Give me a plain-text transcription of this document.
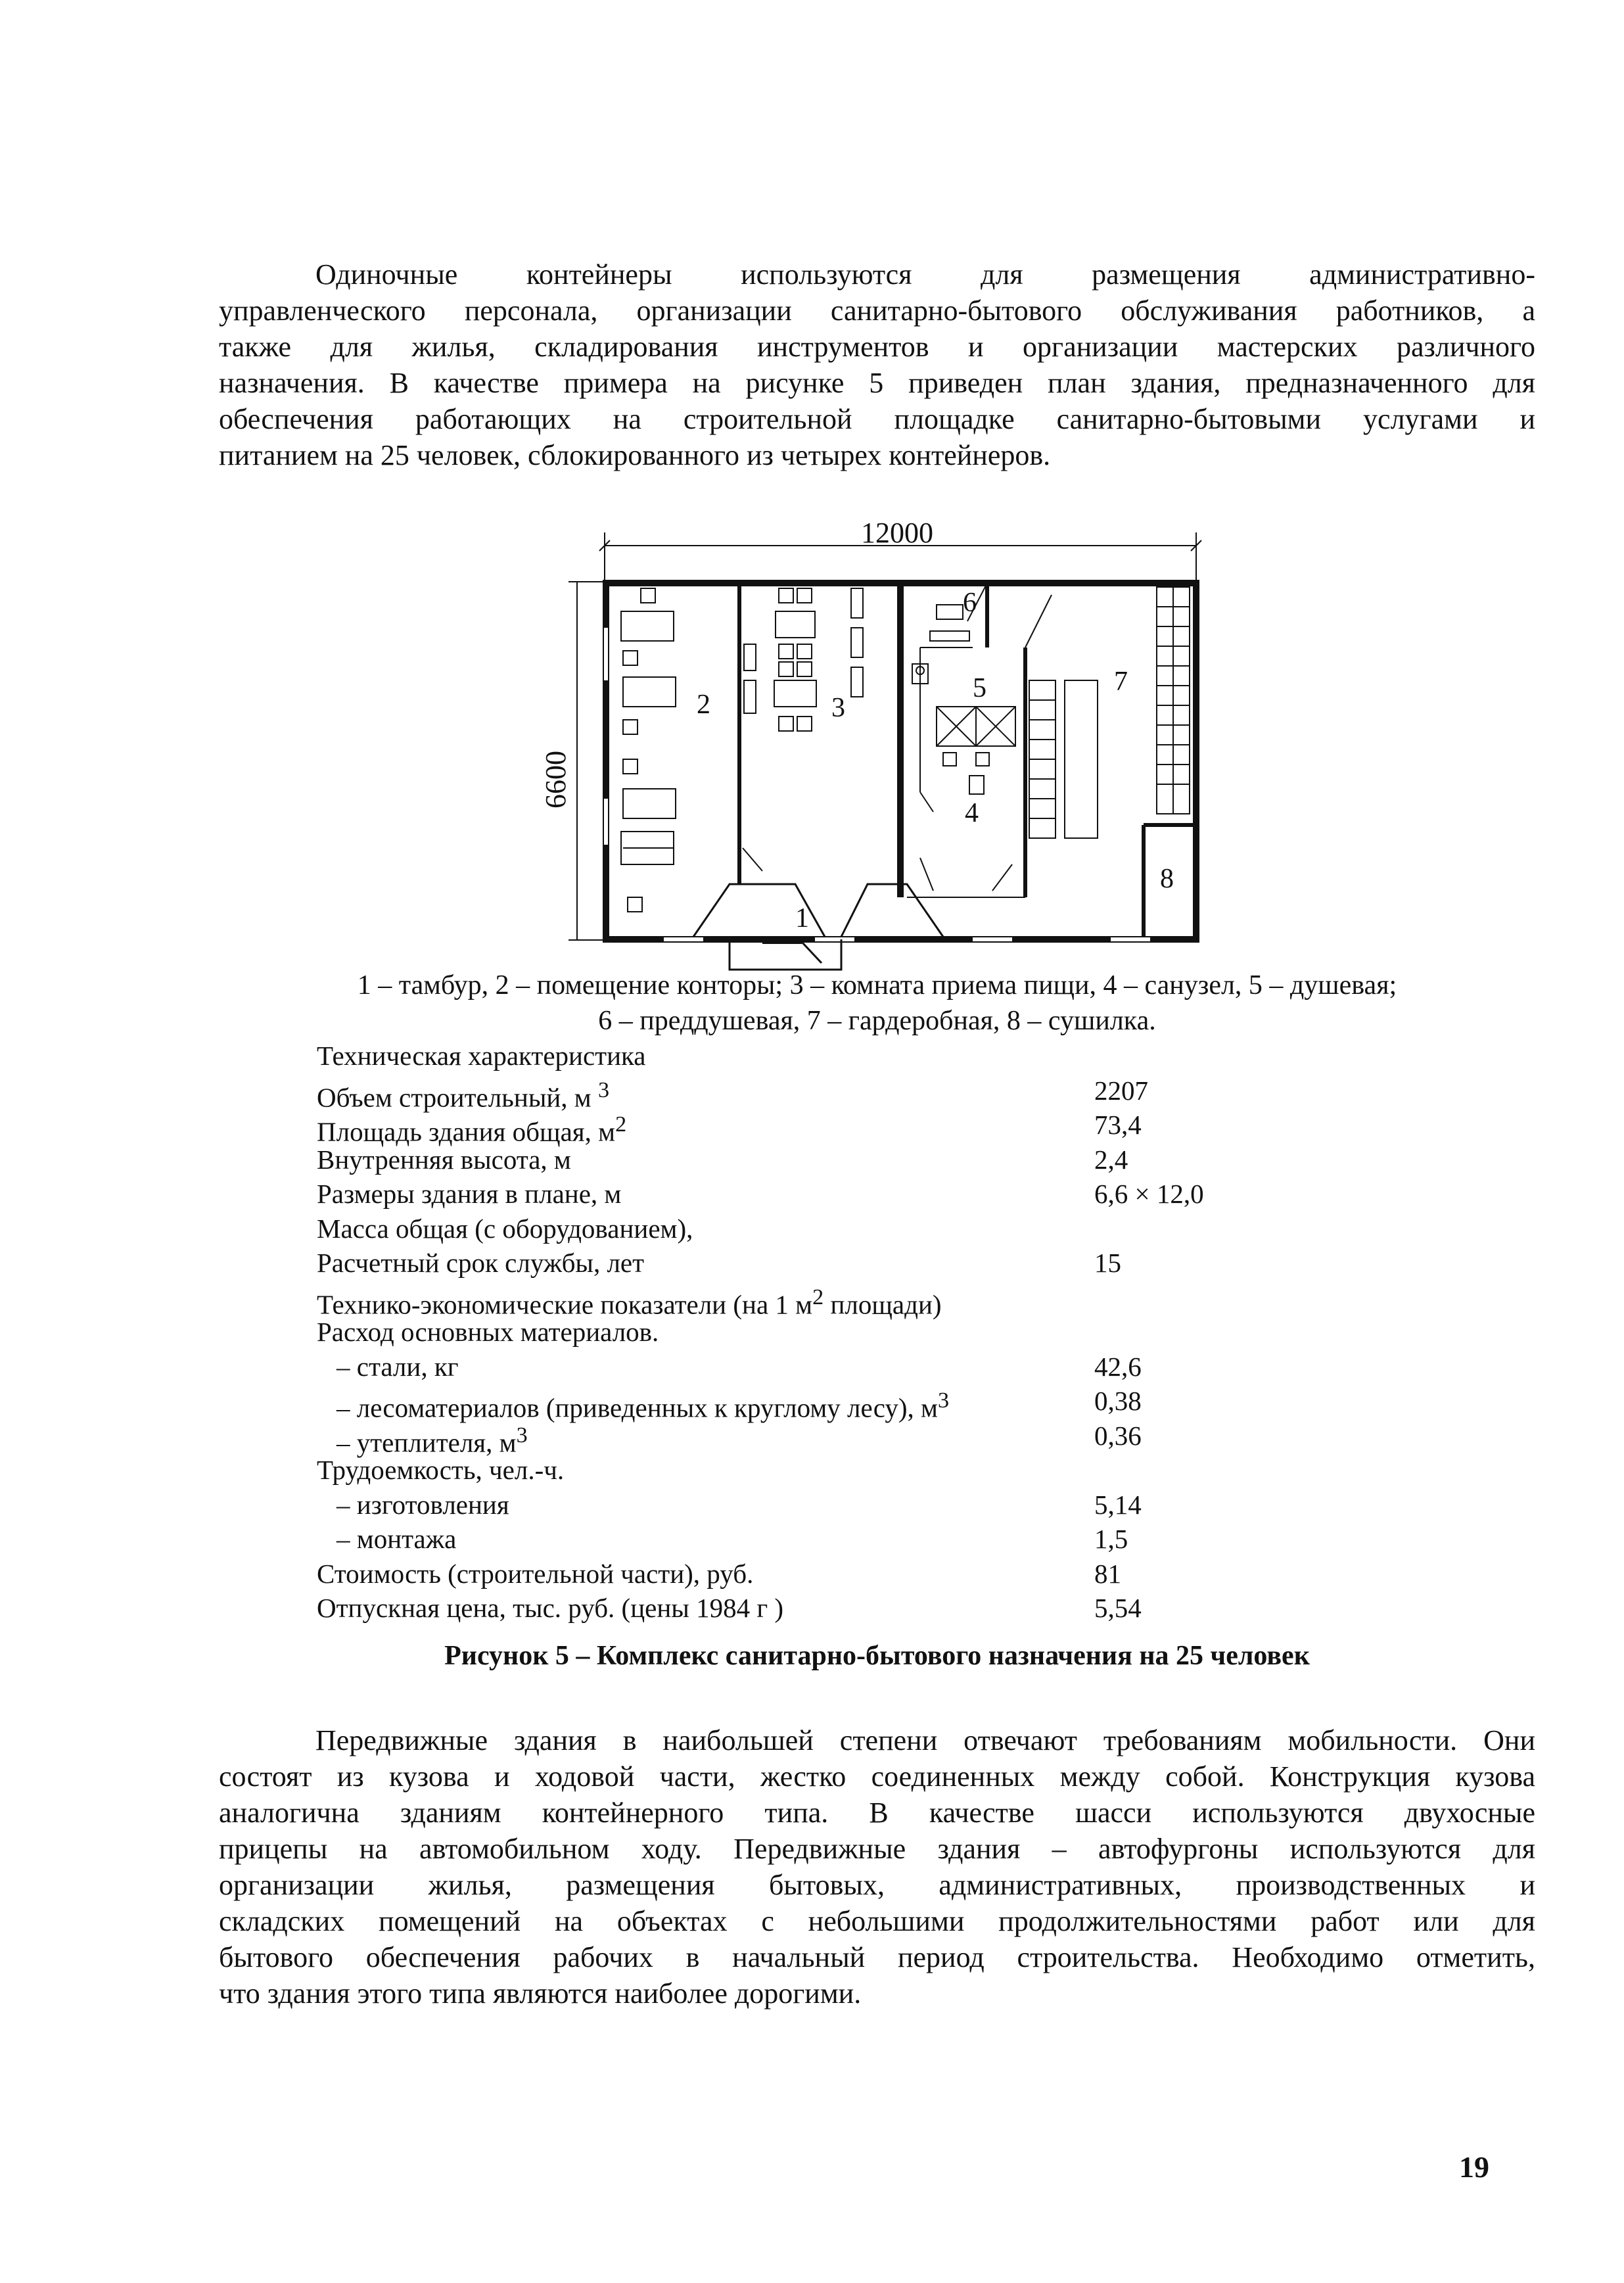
Одиночные контейнеры используются для размещения административно-
управленческого персонала, организации санитарно-бытового обслуживания работников, а
также для жилья, складирования инструментов и организации мастерских различного
назначения. В качестве примера на рисунке 5 приведен план здания, предназначенного для
обеспечения работающих на строительной площадке санитарно-бытовыми услугами и
питанием на 25 человек, сблокированного из четырех контейнеров.

12000
6600
1
2	3
4
5
6
7
8
1 – тамбур, 2 – помещение конторы; 3 – комната приема пищи, 4 – санузел, 5 – душевая;
6 – преддушевая, 7 – гардеробная, 8 – сушилка.
Техническая характеристика
Объем строительный, м $^3$	2207
Площадь здания общая, $м^2$	73,4
Внутренняя высота, м	2,4
Размеры здания в плане, м	6,6 × 12,0
Масса общая (с оборудованием),
Расчетный срок службы, лет	15
Технико-экономические показатели (на 1 $м^2$ площади)
Расход основных материалов.
– стали, кг	42,6
– лесоматериалов (приведенных к круглому лесу), $м^3$	0,38
– утеплителя, $м^3$	0,36
Трудоемкость, чел.-ч.
– изготовления	5,14
– монтажа	1,5
Стоимость (строительной части), руб.	81
Отпускная цена, тыс. руб. (цены 1984 г )	5,54
Рисунок 5 – Комплекс санитарно-бытового назначения на 25 человек

Передвижные здания в наибольшей степени отвечают требованиям мобильности. Они
состоят из кузова и ходовой части, жестко соединенных между собой. Конструкция кузова
аналогична зданиям контейнерного типа. В качестве шасси используются двухосные
прицепы на автомобильном ходу. Передвижные здания – автофургоны используются для
организации жилья, размещения бытовых, административных, производственных и
складских помещений на объектах с небольшими продолжительностями работ или для
бытового обеспечения рабочих в начальный период строительства. Необходимо отметить,
что здания этого типа являются наиболее дорогими.

19
